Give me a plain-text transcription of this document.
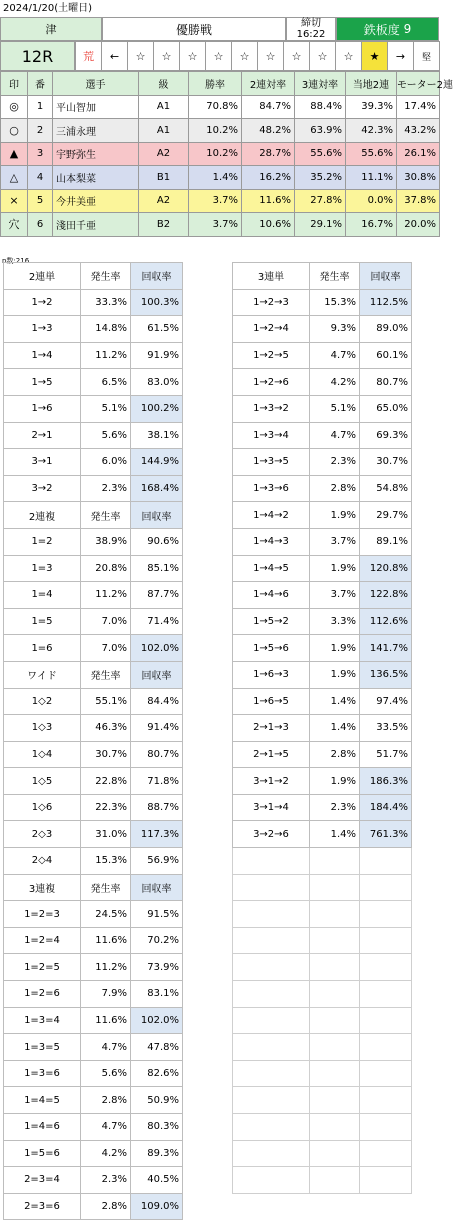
2024/1/20(土曜日)
津	優勝戦	締切
16:22	鉄板度
9
12R	荒	←	☆	☆	☆	☆	☆	☆	☆	☆	☆	★	→	堅
印	番	選手	級	勝率	2連対率	3連対率	当地2連	モーター2連
◎	1	平山智加	A1	70.8%	84.7%	88.4%	39.3%	17.4%
○	2	三浦永理	A1	10.2%	48.2%	63.9%	42.3%	43.2%
▲	3	宇野弥生	A2	10.2%	28.7%	55.6%	55.6%	26.1%
△	4	山本梨菜	B1	1.4%	16.2%	35.2%	11.1%	30.8%
×	5	今井美亜	A2	3.7%	11.6%	27.8%	0.0%	37.8%
穴	6	淺田千亜	B2	3.7%	10.6%	29.1%	16.7%	20.0%
n数:216
2連単	発生率	回収率
1→2	33.3%	100.3%
1→3	14.8%	61.5%
1→4	11.2%	91.9%
1→5	6.5%	83.0%
1→6	5.1%	100.2%
2→1	5.6%	38.1%
3→1	6.0%	144.9%
3→2	2.3%	168.4%
2連複	発生率	回収率
1=2	38.9%	90.6%
1=3	20.8%	85.1%
1=4	11.2%	87.7%
1=5	7.0%	71.4%
1=6	7.0%	102.0%
ワイド	発生率	回収率
1◇2	55.1%	84.4%
1◇3	46.3%	91.4%
1◇4	30.7%	80.7%
1◇5	22.8%	71.8%
1◇6	22.3%	88.7%
2◇3	31.0%	117.3%
2◇4	15.3%	56.9%
3連複	発生率	回収率
1=2=3	24.5%	91.5%
1=2=4	11.6%	70.2%
1=2=5	11.2%	73.9%
1=2=6	7.9%	83.1%
1=3=4	11.6%	102.0%
1=3=5	4.7%	47.8%
1=3=6	5.6%	82.6%
1=4=5	2.8%	50.9%
1=4=6	4.7%	80.3%
1=5=6	4.2%	89.3%
2=3=4	2.3%	40.5%
2=3=6	2.8%	109.0%
3連単	発生率	回収率
1→2→3	15.3%	112.5%
1→2→4	9.3%	89.0%
1→2→5	4.7%	60.1%
1→2→6	4.2%	80.7%
1→3→2	5.1%	65.0%
1→3→4	4.7%	69.3%
1→3→5	2.3%	30.7%
1→3→6	2.8%	54.8%
1→4→2	1.9%	29.7%
1→4→3	3.7%	89.1%
1→4→5	1.9%	120.8%
1→4→6	3.7%	122.8%
1→5→2	3.3%	112.6%
1→5→6	1.9%	141.7%
1→6→3	1.9%	136.5%
1→6→5	1.4%	97.4%
2→1→3	1.4%	33.5%
2→1→5	2.8%	51.7%
3→1→2	1.9%	186.3%
3→1→4	2.3%	184.4%
3→2→6	1.4%	761.3%
